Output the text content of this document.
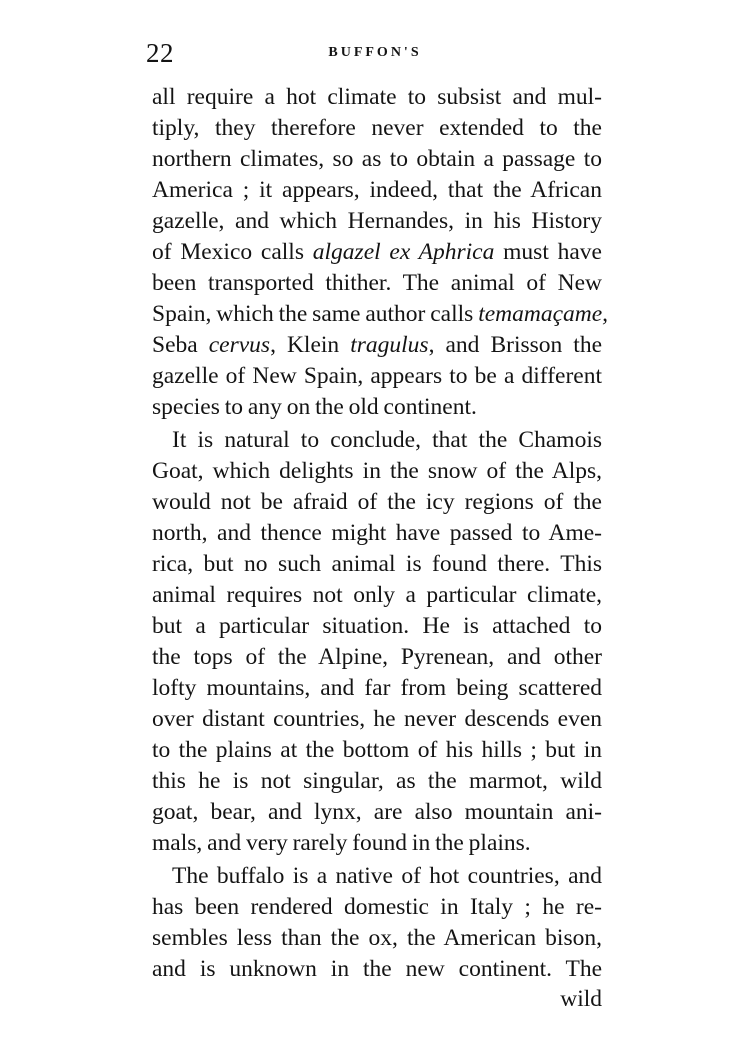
22	BUFFON'S
all require a hot climate to subsist and mul-
tiply, they therefore never extended to the
northern climates, so as to obtain a passage to
America ; it appears, indeed, that the African
gazelle, and which Hernandes, in his History
of Mexico calls algazel ex Aphrica must have
been transported thither. The animal of New
Spain, which the same author calls temamaçame,
Seba cervus, Klein tragulus, and Brisson the
gazelle of New Spain, appears to be a different
species to any on the old continent.
It is natural to conclude, that the Chamois
Goat, which delights in the snow of the Alps,
would not be afraid of the icy regions of the
north, and thence might have passed to Ame-
rica, but no such animal is found there. This
animal requires not only a particular climate,
but a particular situation. He is attached to
the tops of the Alpine, Pyrenean, and other
lofty mountains, and far from being scattered
over distant countries, he never descends even
to the plains at the bottom of his hills ; but in
this he is not singular, as the marmot, wild
goat, bear, and lynx, are also mountain ani-
mals, and very rarely found in the plains.
The buffalo is a native of hot countries, and
has been rendered domestic in Italy ; he re-
sembles less than the ox, the American bison,
and is unknown in the new continent. The
wild
